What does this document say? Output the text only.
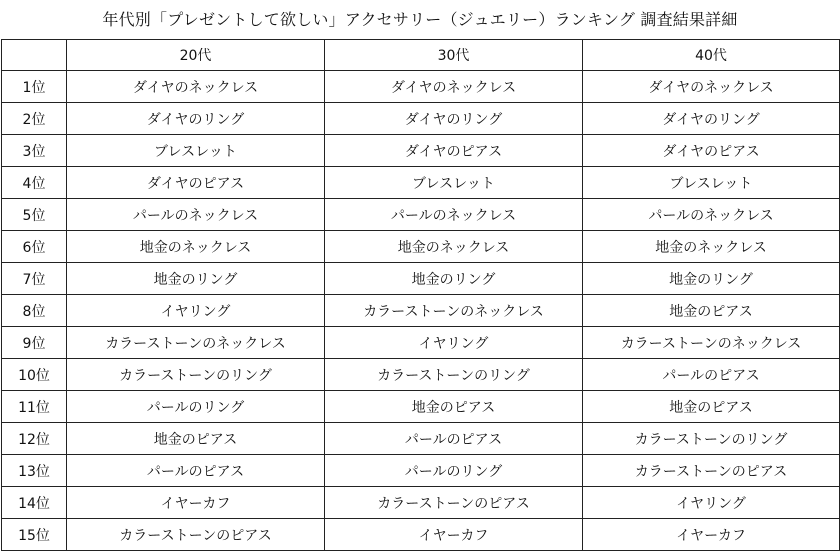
年代別「プレゼントして欲しい」アクセサリー（ジュエリー）ランキング 調査結果詳細
	20代	30代	40代
1位	ダイヤのネックレス	ダイヤのネックレス	ダイヤのネックレス
2位	ダイヤのリング	ダイヤのリング	ダイヤのリング
3位	ブレスレット	ダイヤのピアス	ダイヤのピアス
4位	ダイヤのピアス	ブレスレット	ブレスレット
5位	パールのネックレス	パールのネックレス	パールのネックレス
6位	地金のネックレス	地金のネックレス	地金のネックレス
7位	地金のリング	地金のリング	地金のリング
8位	イヤリング	カラーストーンのネックレス	地金のピアス
9位	カラーストーンのネックレス	イヤリング	カラーストーンのネックレス
10位	カラーストーンのリング	カラーストーンのリング	パールのピアス
11位	パールのリング	地金のピアス	地金のピアス
12位	地金のピアス	パールのピアス	カラーストーンのリング
13位	パールのピアス	パールのリング	カラーストーンのピアス
14位	イヤーカフ	カラーストーンのピアス	イヤリング
15位	カラーストーンのピアス	イヤーカフ	イヤーカフ
